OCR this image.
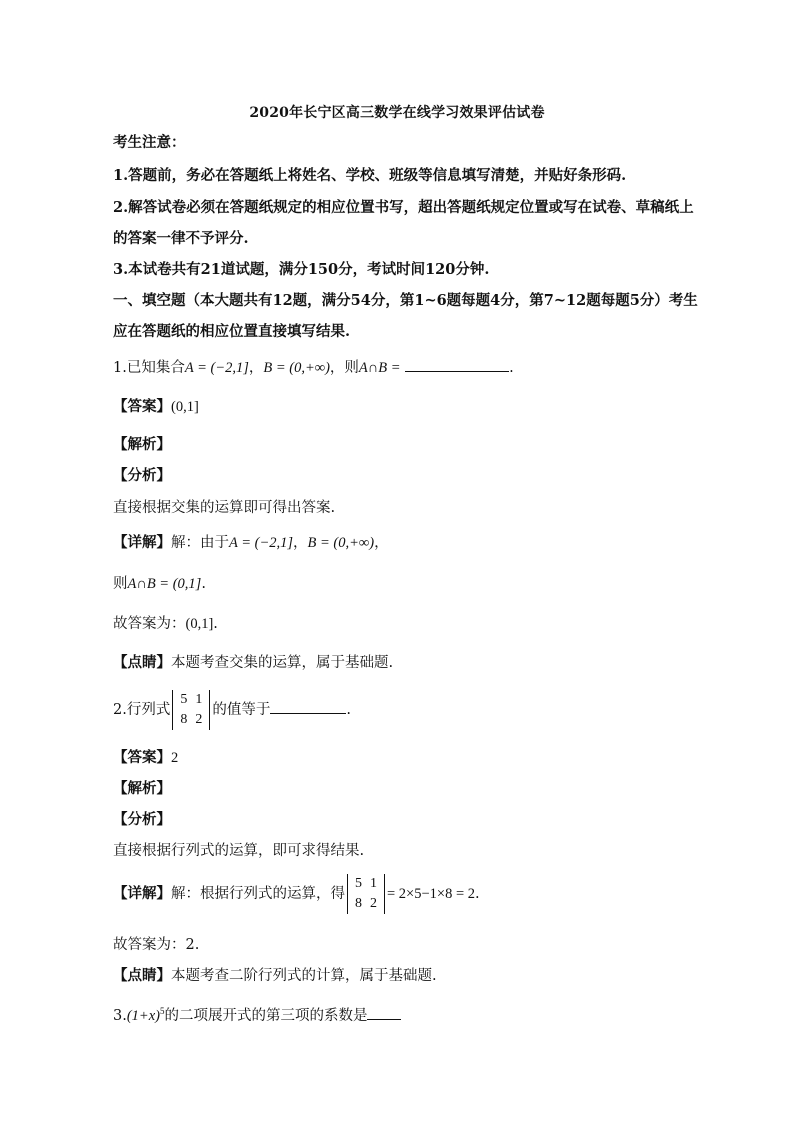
2020年长宁区高三数学在线学习效果评估试卷
考生注意：
1.答题前，务必在答题纸上将姓名、学校、班级等信息填写清楚，并贴好条形码.
2.解答试卷必须在答题纸规定的相应位置书写，超出答题纸规定位置或写在试卷、草稿纸上
的答案一律不予评分.
3.本试卷共有21道试题，满分150分，考试时间120分钟.
一、填空题（本大题共有12题，满分54分，第1~6题每题4分，第7~12题每题5分）考生
应在答题纸的相应位置直接填写结果.
1.已知集合A = (−2,1]，B = (0,+∞)，则A∩B =	.
【答案】(0,1]
【解析】
【分析】
直接根据交集的运算即可得出答案.
【详解】解：由于A = (−2,1]，B = (0,+∞)，
则A∩B = (0,1].
故答案为：(0,1].
【点睛】本题考查交集的运算，属于基础题.
2.行列式
5	1
8	2
的值等于	.
【答案】2
【解析】
【分析】
直接根据行列式的运算，即可求得结果.
【详解】解：根据行列式的运算，得
5	1
8	2
= 2×5−1×8 = 2.
故答案为：2.
【点睛】本题考查二阶行列式的计算，属于基础题.
$3.(1+x)^5$的二项展开式的第三项的系数是
